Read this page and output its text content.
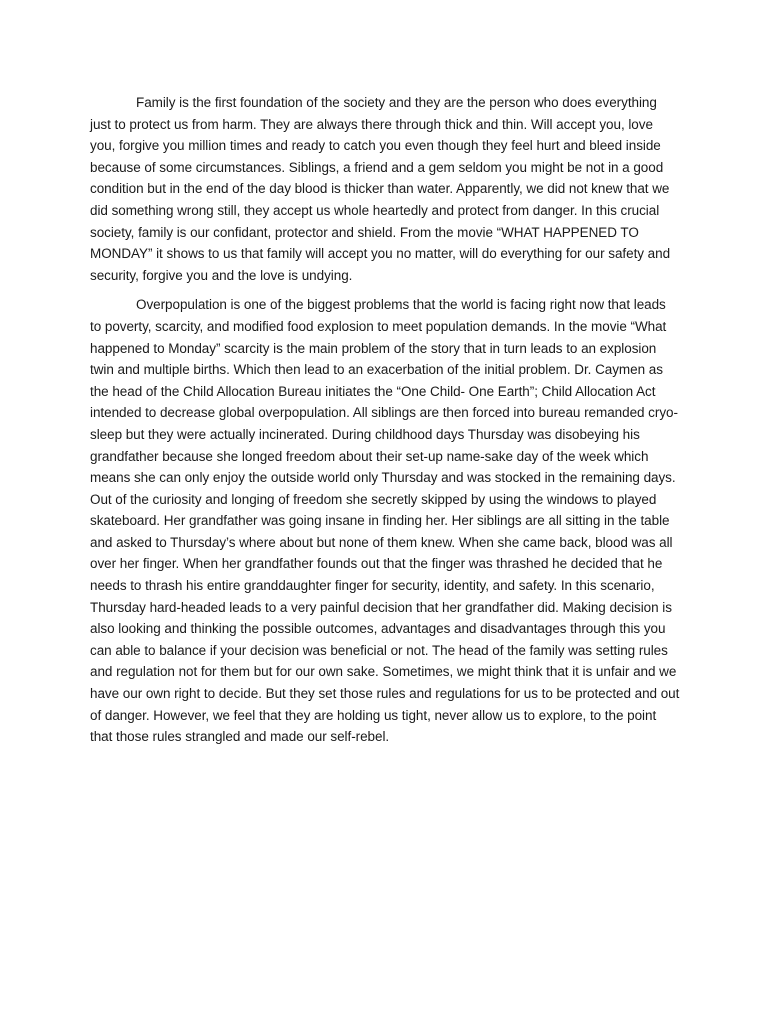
Family is the first foundation of the society and they are the person who does everything just to protect us from harm. They are always there through thick and thin. Will accept you, love you, forgive you million times and ready to catch you even though they feel hurt and bleed inside because of some circumstances. Siblings, a friend and a gem seldom you might be not in a good condition but in the end of the day blood is thicker than water. Apparently, we did not knew that we did something wrong still, they accept us whole heartedly and protect from danger. In this crucial society, family is our confidant, protector and shield. From the movie “WHAT HAPPENED TO MONDAY” it shows to us that family will accept you no matter, will do everything for our safety and security, forgive you and the love is undying.

Overpopulation is one of the biggest problems that the world is facing right now that leads to poverty, scarcity, and modified food explosion to meet population demands. In the movie “What happened to Monday” scarcity is the main problem of the story that in turn leads to an explosion twin and multiple births. Which then lead to an exacerbation of the initial problem. Dr. Caymen as the head of the Child Allocation Bureau initiates the “One Child- One Earth”; Child Allocation Act intended to decrease global overpopulation. All siblings are then forced into bureau remanded cryo-sleep but they were actually incinerated. During childhood days Thursday was disobeying his grandfather because she longed freedom about their set-up name-sake day of the week which means she can only enjoy the outside world only Thursday and was stocked in the remaining days. Out of the curiosity and longing of freedom she secretly skipped by using the windows to played skateboard. Her grandfather was going insane in finding her. Her siblings are all sitting in the table and asked to Thursday’s where about but none of them knew. When she came back, blood was all over her finger. When her grandfather founds out that the finger was thrashed he decided that he needs to thrash his entire granddaughter finger for security, identity, and safety. In this scenario, Thursday hard-headed leads to a very painful decision that her grandfather did. Making decision is also looking and thinking the possible outcomes, advantages and disadvantages through this you can able to balance if your decision was beneficial or not. The head of the family was setting rules and regulation not for them but for our own sake. Sometimes, we might think that it is unfair and we have our own right to decide. But they set those rules and regulations for us to be protected and out of danger. However, we feel that they are holding us tight, never allow us to explore, to the point that those rules strangled and made our self-rebel.
